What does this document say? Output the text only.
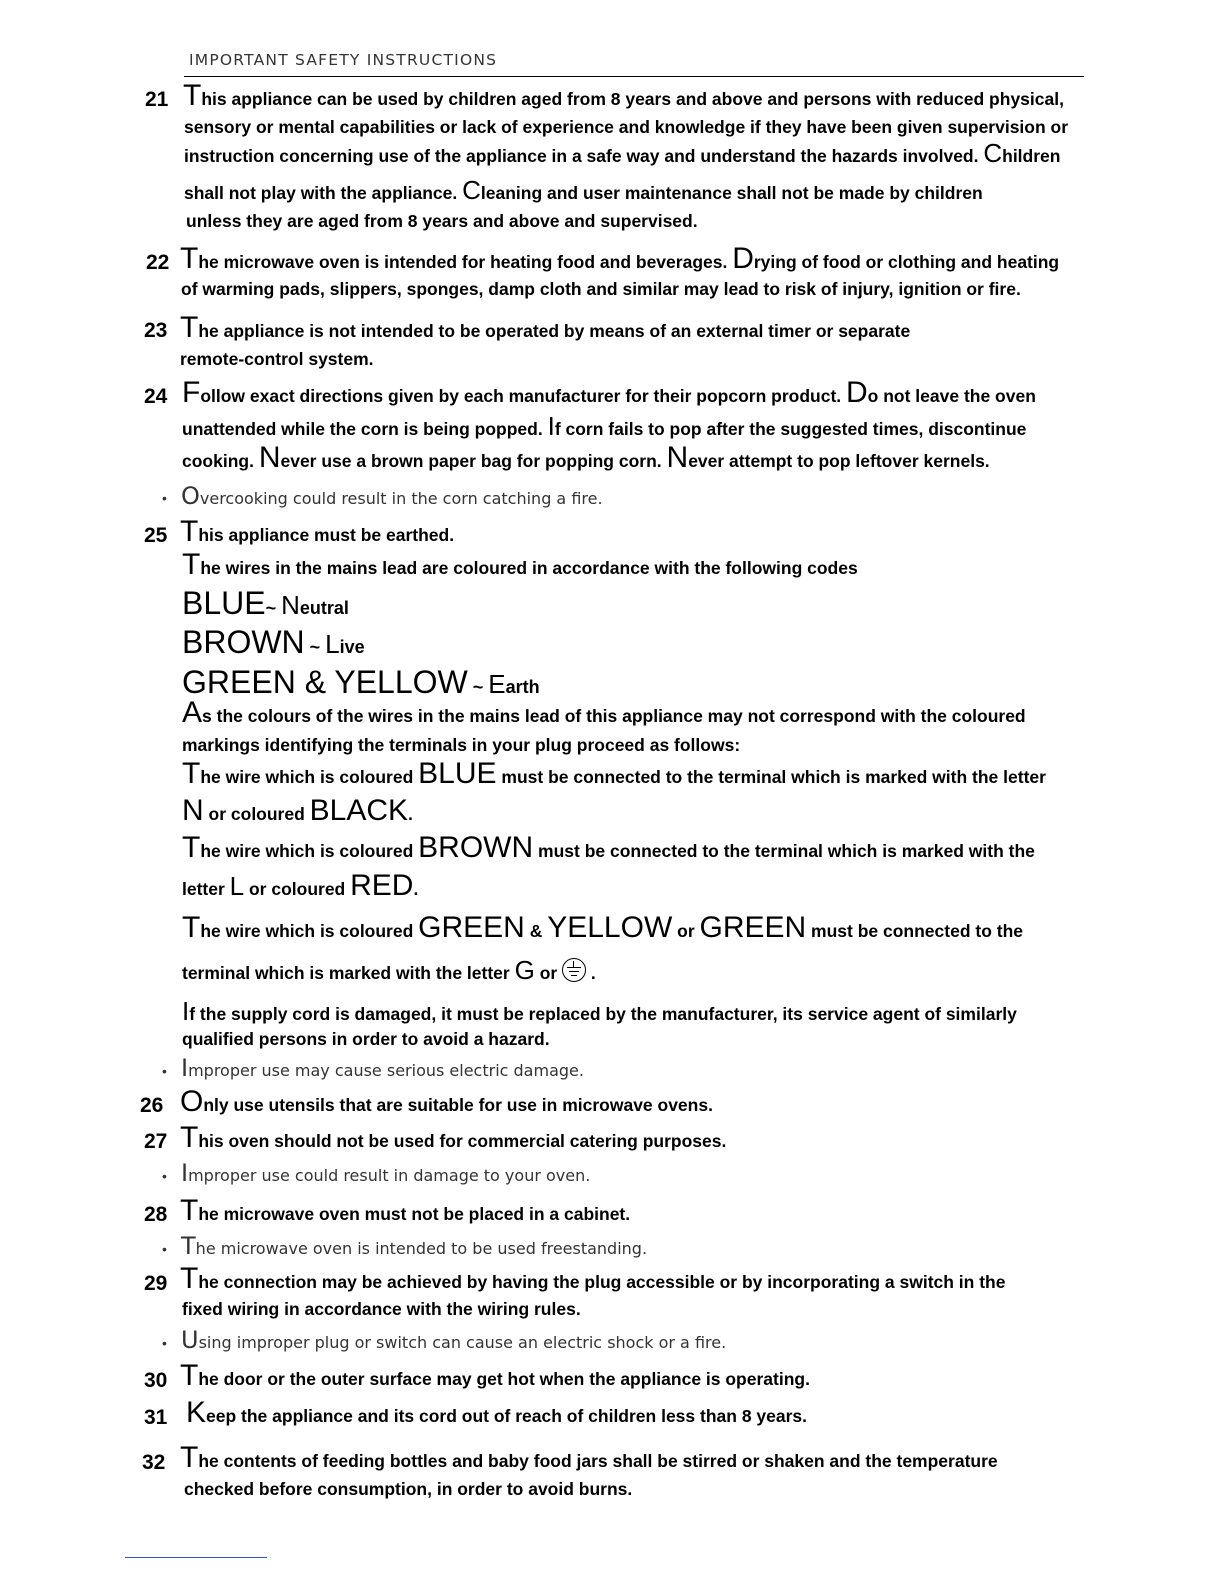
IMPORTANT SAFETY INSTRUCTIONS
21 This appliance can be used by children aged from 8 years and above and persons with reduced physical,
sensory or mental capabilities or lack of experience and knowledge if they have been given supervision or
instruction concerning use of the appliance in a safe way and understand the hazards involved. Children
shall not play with the appliance. Cleaning and user maintenance shall not be made by children
unless they are aged from 8 years and above and supervised.
22 The microwave oven is intended for heating food and beverages. Drying of food or clothing and heating
of warming pads, slippers, sponges, damp cloth and similar may lead to risk of injury, ignition or fire.
23 The appliance is not intended to be operated by means of an external timer or separate
remote-control system.
24 Follow exact directions given by each manufacturer for their popcorn product. Do not leave the oven
unattended while the corn is being popped. If corn fails to pop after the suggested times, discontinue
cooking. Never use a brown paper bag for popping corn. Never attempt to pop leftover kernels.
• Overcooking could result in the corn catching a fire.
25 This appliance must be earthed.
The wires in the mains lead are coloured in accordance with the following codes
BLUE~ Neutral
BROWN ~ Live
GREEN & YELLOW ~ Earth
As the colours of the wires in the mains lead of this appliance may not correspond with the coloured
markings identifying the terminals in your plug proceed as follows:
The wire which is coloured BLUE must be connected to the terminal which is marked with the letter
N or coloured BLACK.
The wire which is coloured BROWN must be connected to the terminal which is marked with the
letter L or coloured RED.
The wire which is coloured GREEN & YELLOW or GREEN must be connected to the
terminal which is marked with the letter G or
.
If the supply cord is damaged, it must be replaced by the manufacturer, its service agent of similarly
qualified persons in order to avoid a hazard.
• Improper use may cause serious electric damage.
26 Only use utensils that are suitable for use in microwave ovens.
27 This oven should not be used for commercial catering purposes.
• Improper use could result in damage to your oven.
28 The microwave oven must not be placed in a cabinet.
• The microwave oven is intended to be used freestanding.
29 The connection may be achieved by having the plug accessible or by incorporating a switch in the
fixed wiring in accordance with the wiring rules.
• Using improper plug or switch can cause an electric shock or a fire.
30 The door or the outer surface may get hot when the appliance is operating.
31 Keep the appliance and its cord out of reach of children less than 8 years.
32 The contents of feeding bottles and baby food jars shall be stirred or shaken and the temperature
checked before consumption, in order to avoid burns.
